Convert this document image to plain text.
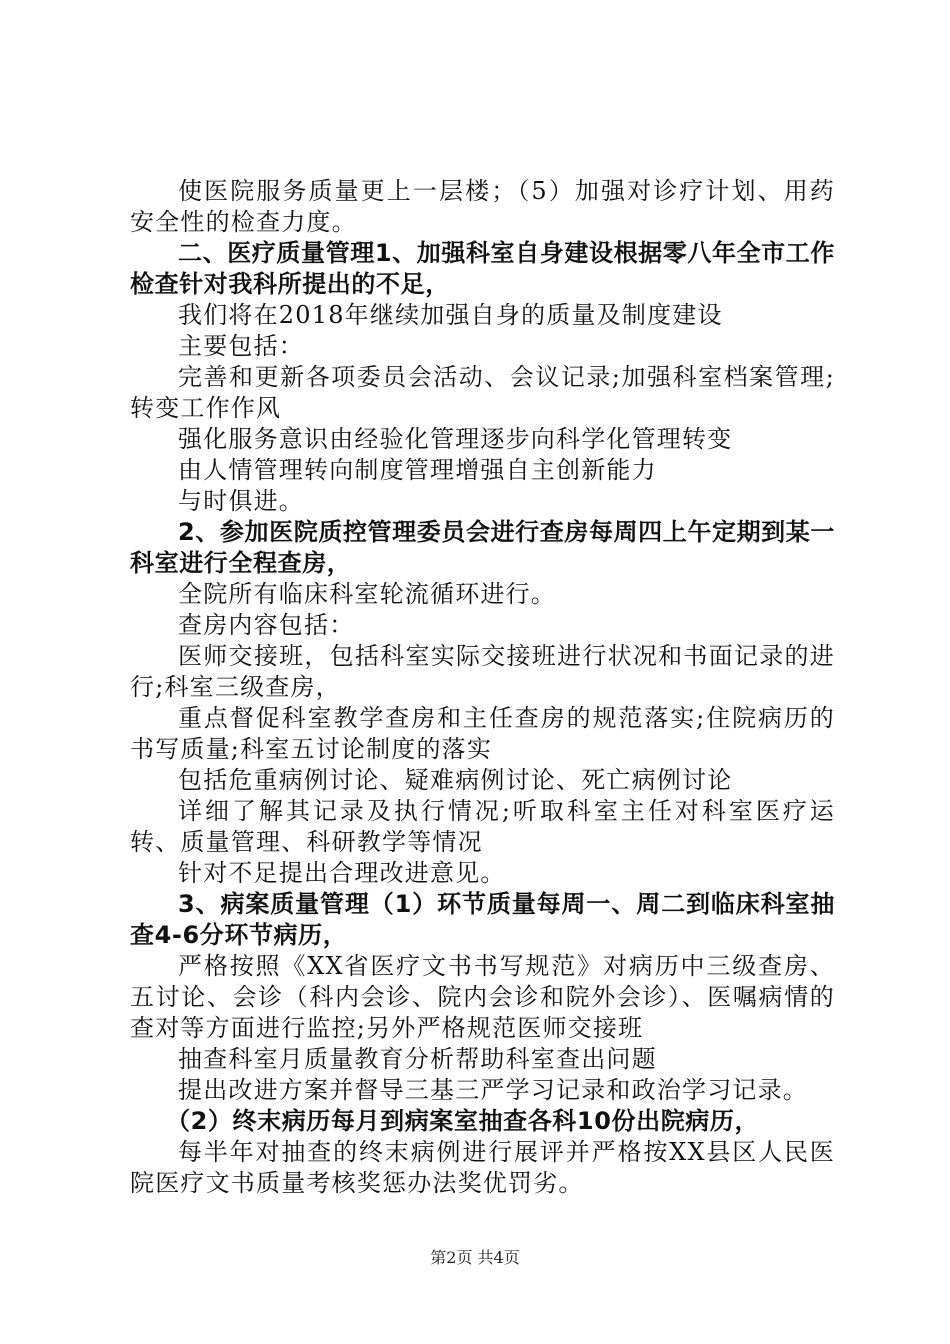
使医院服务质量更上一层楼；（5）加强对诊疗计划、用药安全性的检查力度。

二、医疗质量管理1、加强科室自身建设根据零八年全市工作检查针对我科所提出的不足，

我们将在2018年继续加强自身的质量及制度建设

主要包括：

完善和更新各项委员会活动、会议记录;加强科室档案管理;转变工作作风

强化服务意识由经验化管理逐步向科学化管理转变

由人情管理转向制度管理增强自主创新能力

与时俱进。

2、参加医院质控管理委员会进行查房每周四上午定期到某一科室进行全程查房，

全院所有临床科室轮流循环进行。

查房内容包括：

医师交接班，包括科室实际交接班进行状况和书面记录的进行;科室三级查房，

重点督促科室教学查房和主任查房的规范落实;住院病历的书写质量;科室五讨论制度的落实

包括危重病例讨论、疑难病例讨论、死亡病例讨论

详细了解其记录及执行情况;听取科室主任对科室医疗运转、质量管理、科研教学等情况

针对不足提出合理改进意见。

3、病案质量管理（1）环节质量每周一、周二到临床科室抽查4-6分环节病历，

严格按照《XX省医疗文书书写规范》对病历中三级查房、五讨论、会诊（科内会诊、院内会诊和院外会诊）、医嘱病情的查对等方面进行监控;另外严格规范医师交接班

抽查科室月质量教育分析帮助科室查出问题

提出改进方案并督导三基三严学习记录和政治学习记录。

（2）终末病历每月到病案室抽查各科10份出院病历，

每半年对抽查的终末病例进行展评并严格按XX县区人民医院医疗文书质量考核奖惩办法奖优罚劣。

第2页 共4页
